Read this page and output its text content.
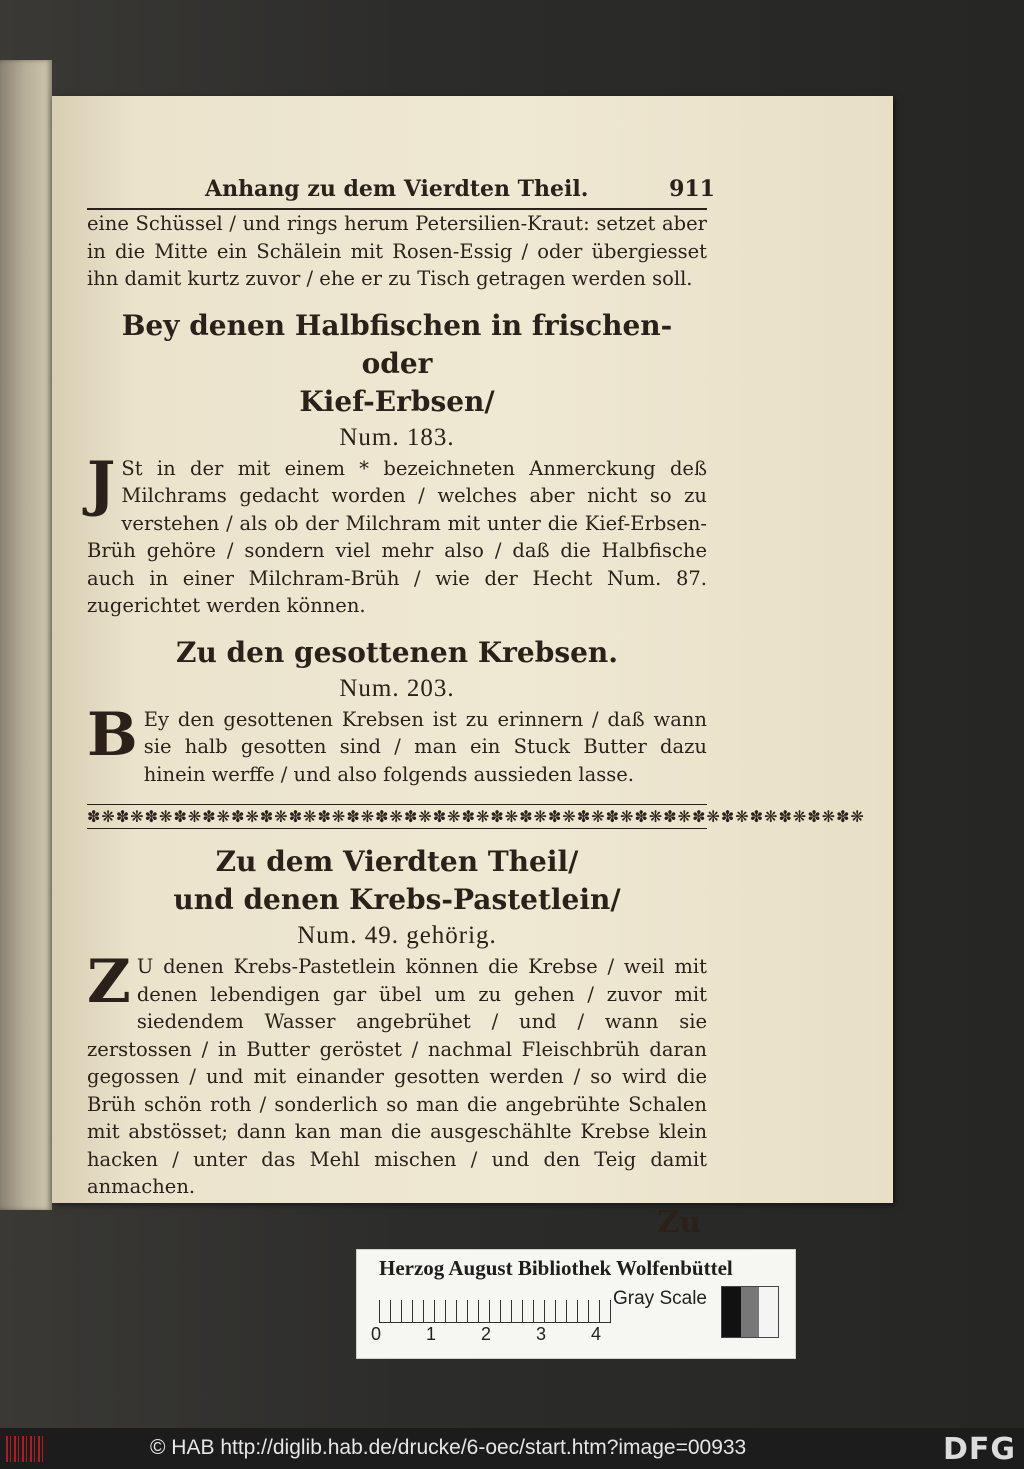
Anhang zu dem Vierdten Theil.	911

eine Schüssel / und rings herum Petersilien-Kraut: setzet aber in die Mitte ein Schälein mit Rosen-Essig / oder übergiesset ihn damit kurtz zuvor / ehe er zu Tisch getragen werden soll.

Bey denen Halbfischen in frischen-oder
Kief-Erbsen/
Num. 183.

J St in der mit einem * bezeichneten Anmerckung deß Milchrams gedacht worden / welches aber nicht so zu verstehen / als ob der Milchram mit unter die Kief-Erbsen-Brüh gehöre / sondern viel mehr also / daß die Halbfische auch in einer Milchram-Brüh / wie der Hecht Num. 87. zugerichtet werden können.

Zu den gesottenen Krebsen.
Num. 203.

B Ey den gesottenen Krebsen ist zu erinnern / daß wann sie halb gesotten sind / man ein Stuck Butter dazu hinein werffe / und also folgends aussieden lasse.

✽❋✽❋✽❋✽❋✽❋✽❋✽❋✽❋✽❋✽❋✽❋✽❋✽❋✽❋✽❋✽❋✽❋✽❋✽❋✽❋✽❋✽❋✽❋✽❋✽❋✽❋✽❋
Zu dem Vierdten Theil/
und denen Krebs-Pastetlein/
Num. 49. gehörig.

Z U denen Krebs-Pastetlein können die Krebse / weil mit denen lebendigen gar übel um zu gehen / zuvor mit siedendem Wasser angebrühet / und / wann sie zerstossen / in Butter geröstet / nachmal Fleischbrüh daran gegossen / und mit einander gesotten werden / so wird die Brüh schön roth / sonderlich so man die angebrühte Schalen mit abstösset; dann kan man die ausgeschählte Krebse klein hacken / unter das Mehl mischen / und den Teig damit anmachen.

Zu
Herzog August Bibliothek Wolfenbüttel
0 1 2 3 4
Gray Scale
© HAB http://diglib.hab.de/drucke/6-oec/start.htm?image=00933	DFG
